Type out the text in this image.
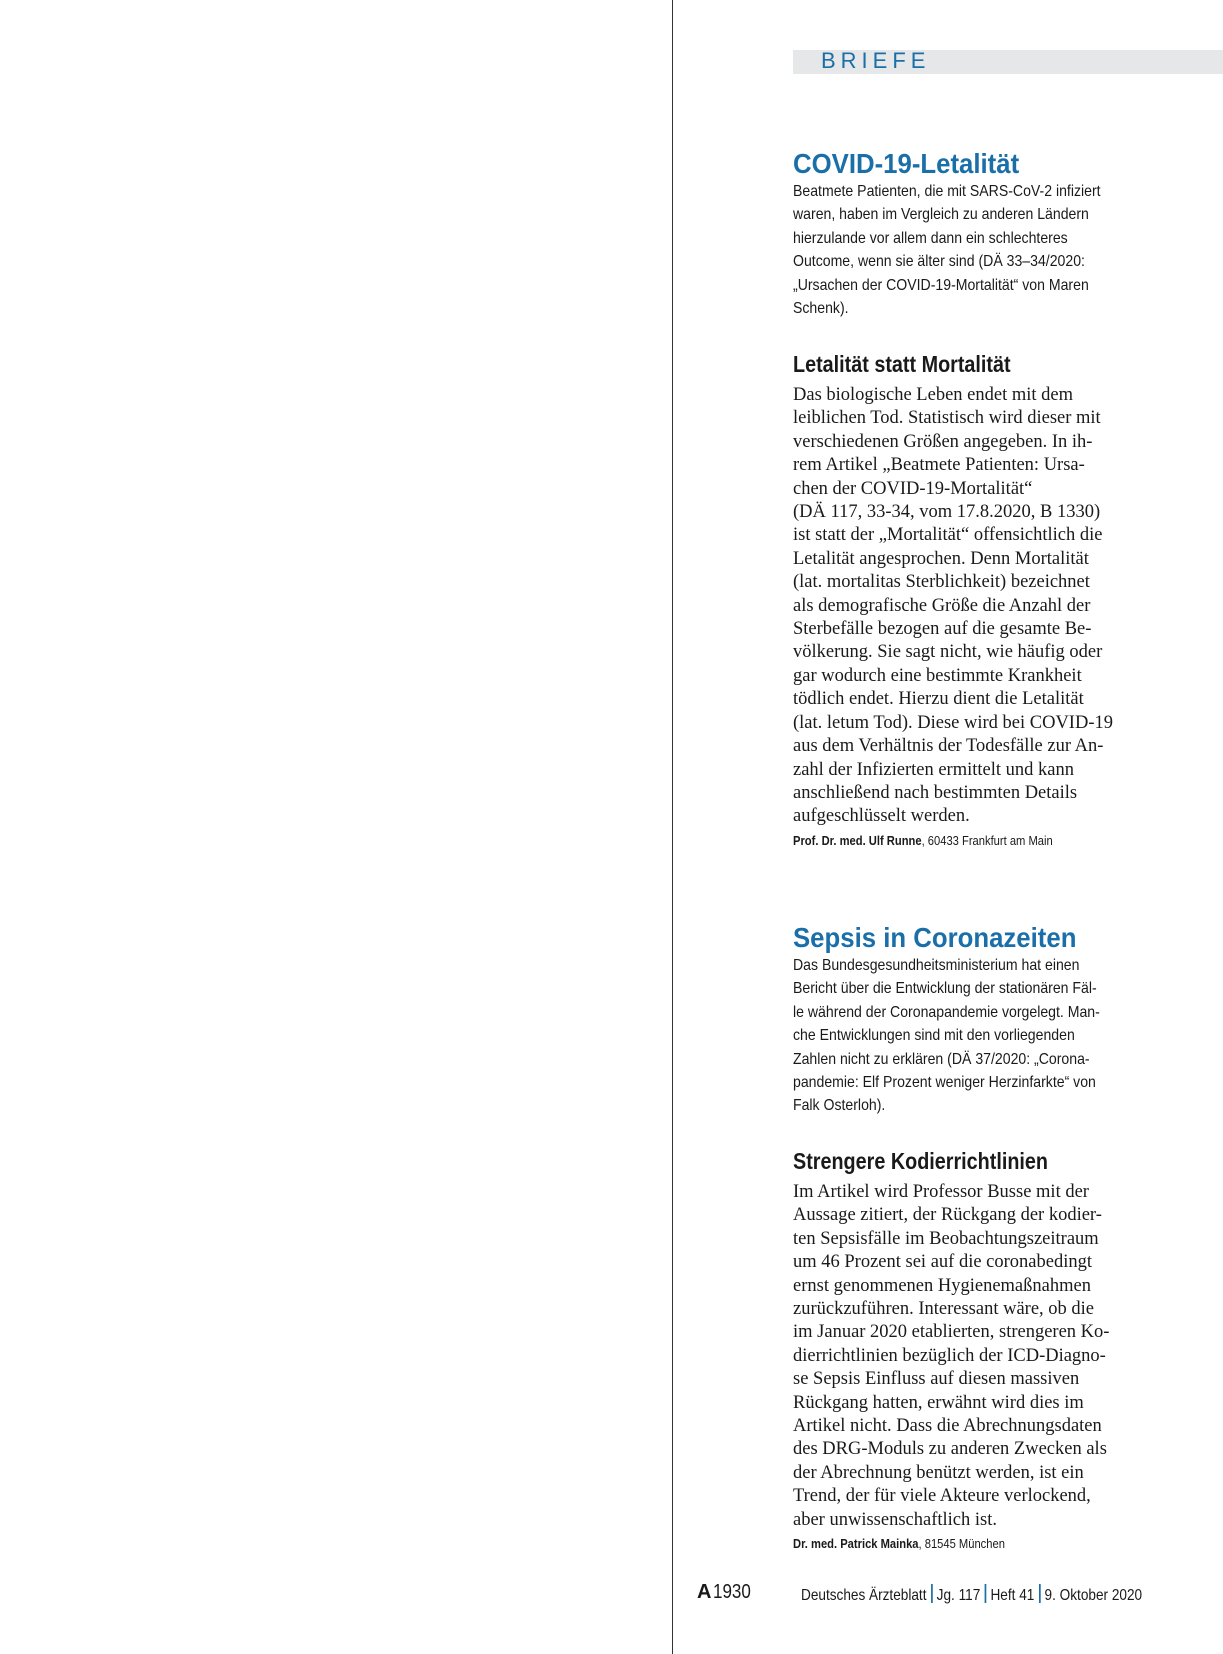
BRIEFE
COVID-19-Letalität

Beatmete Patienten, die mit SARS-CoV-2 infiziert
waren, haben im Vergleich zu anderen Ländern
hierzulande vor allem dann ein schlechteres
Outcome, wenn sie älter sind (DÄ 33–34/2020:
„Ursachen der COVID-19-Mortalität“ von Maren
Schenk).

Letalität statt Mortalität

Das biologische Leben endet mit dem
leiblichen Tod. Statistisch wird dieser mit
verschiedenen Größen angegeben. In ih-
rem Artikel „Beatmete Patienten: Ursa-
chen der COVID-19-Mortalität“
(DÄ 117, 33-34, vom 17.8.2020, B 1330)
ist statt der „Mortalität“ offensichtlich die
Letalität angesprochen. Denn Mortalität
(lat. mortalitas Sterblichkeit) bezeichnet
als demografische Größe die Anzahl der
Sterbefälle bezogen auf die gesamte Be-
völkerung. Sie sagt nicht, wie häufig oder
gar wodurch eine bestimmte Krankheit
tödlich endet. Hierzu dient die Letalität
(lat. letum Tod). Diese wird bei COVID-19
aus dem Verhältnis der Todesfälle zur An-
zahl der Infizierten ermittelt und kann
anschließend nach bestimmten Details
aufgeschlüsselt werden.

Prof. Dr. med. Ulf Runne, 60433 Frankfurt am Main

Sepsis in Coronazeiten

Das Bundesgesundheitsministerium hat einen
Bericht über die Entwicklung der stationären Fäl-
le während der Coronapandemie vorgelegt. Man-
che Entwicklungen sind mit den vorliegenden
Zahlen nicht zu erklären (DÄ 37/2020: „Corona-
pandemie: Elf Prozent weniger Herzinfarkte“ von
Falk Osterloh).

Strengere Kodierrichtlinien

Im Artikel wird Professor Busse mit der
Aussage zitiert, der Rückgang der kodier-
ten Sepsisfälle im Beobachtungszeitraum
um 46 Prozent sei auf die coronabedingt
ernst genommenen Hygienemaßnahmen
zurückzuführen. Interessant wäre, ob die
im Januar 2020 etablierten, strengeren Ko-
dierrichtlinien bezüglich der ICD-Diagno-
se Sepsis Einfluss auf diesen massiven
Rückgang hatten, erwähnt wird dies im
Artikel nicht. Dass die Abrechnungsdaten
des DRG-Moduls zu anderen Zwecken als
der Abrechnung benützt werden, ist ein
Trend, der für viele Akteure verlockend,
aber unwissenschaftlich ist.

Dr. med. Patrick Mainka, 81545 München

A 1930	Deutsches Ärzteblatt Jg. 117 Heft 41 9. Oktober 2020
